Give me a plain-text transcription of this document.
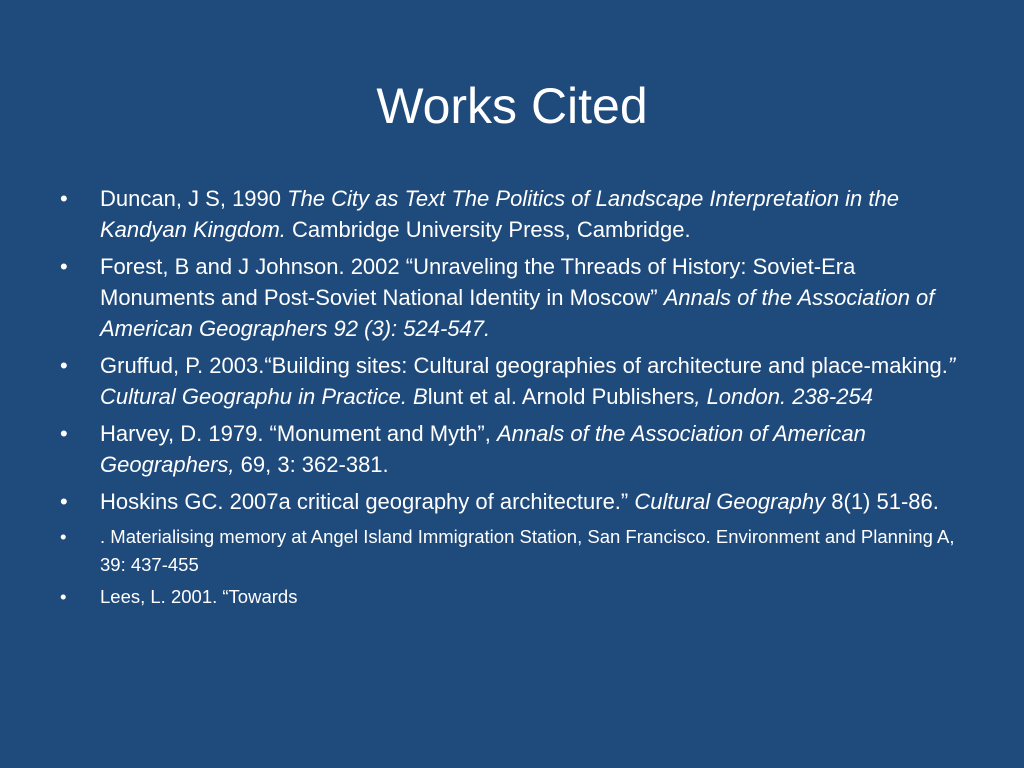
Works Cited
•	Duncan, J S, 1990 The City as Text The Politics of Landscape Interpretation in the Kandyan Kingdom. Cambridge University Press, Cambridge.
•	Forest, B and J Johnson. 2002 “Unraveling the Threads of History: Soviet-Era Monuments and Post-Soviet National Identity in Moscow” Annals of the Association of American Geographers 92 (3): 524-547.
•	Gruffud, P. 2003.“Building sites: Cultural geographies of architecture and place-making.” Cultural Geographu in Practice. Blunt et al. Arnold Publishers, London. 238-254
•	Harvey, D. 1979. “Monument and Myth”, Annals of the Association of American Geographers, 69, 3: 362-381.
•	Hoskins GC. 2007a critical geography of architecture.” Cultural Geography 8(1) 51-86.
•	. Materialising memory at Angel Island Immigration Station, San Francisco. Environment and Planning A, 39: 437-455
•	Lees, L. 2001. “Towards
